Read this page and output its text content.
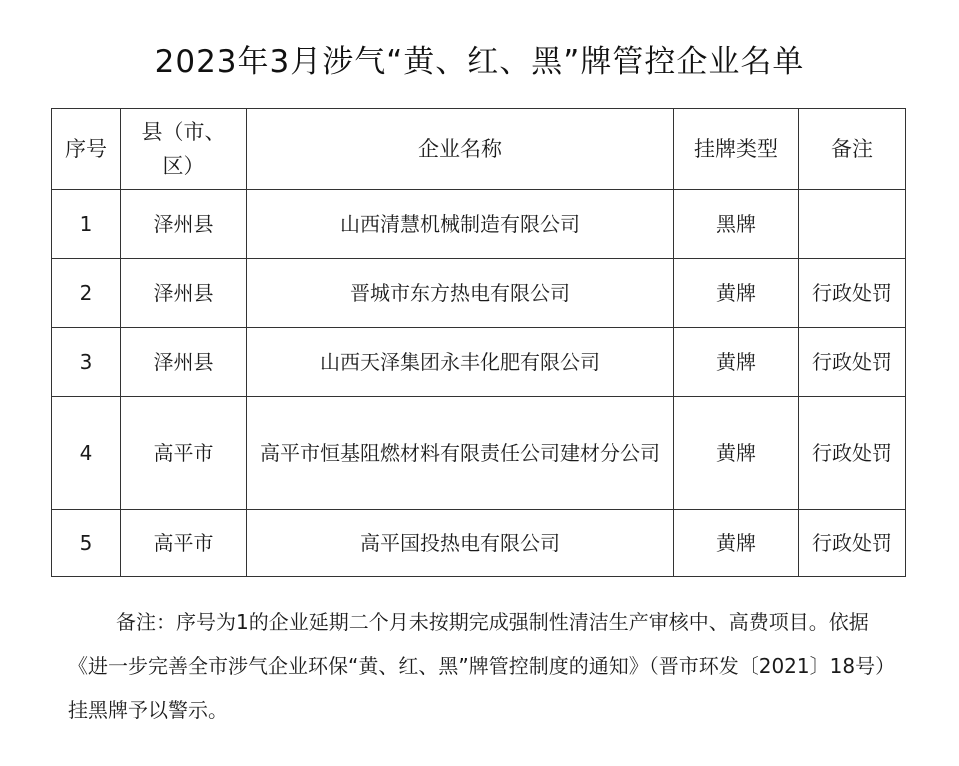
2023年3月涉气“黄、红、黑”牌管控企业名单
序号	县（市、区）	企业名称	挂牌类型	备注
1	泽州县	山西清慧机械制造有限公司	黑牌	
2	泽州县	晋城市东方热电有限公司	黄牌	行政处罚
3	泽州县	山西天泽集团永丰化肥有限公司	黄牌	行政处罚
4	高平市	高平市恒基阻燃材料有限责任公司建材分公司	黄牌	行政处罚
5	高平市	高平国投热电有限公司	黄牌	行政处罚
备注：序号为1的企业延期二个月未按期完成强制性清洁生产审核中、高费项目。依据《进一步完善全市涉气企业环保“黄、红、黑”牌管控制度的通知》（晋市环发〔2021〕18号）挂黑牌予以警示。
